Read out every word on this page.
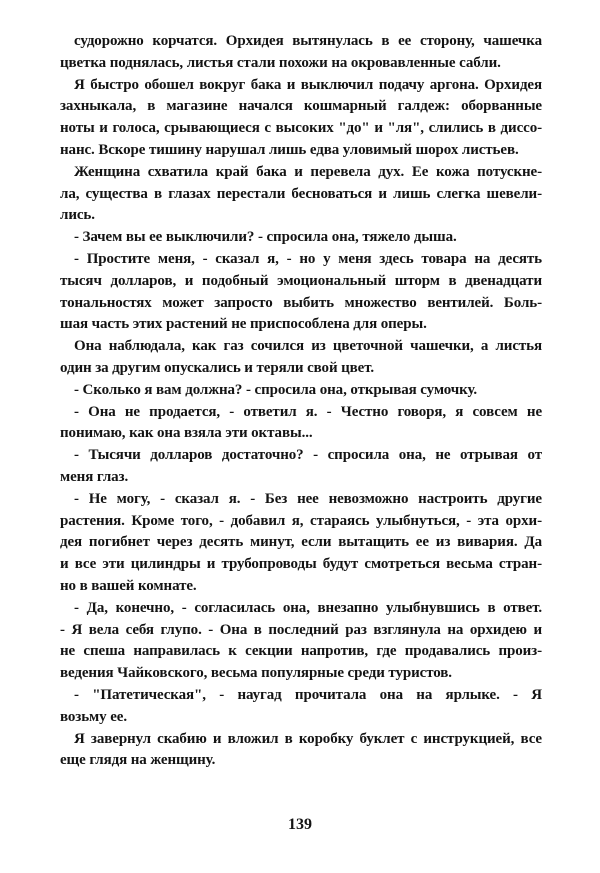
судорожно корчатся. Орхидея вытянулась в ее сторону, чашечка
цветка поднялась, листья стали похожи на окровавленные сабли.
Я быстро обошел вокруг бака и выключил подачу аргона. Орхидея
захныкала, в магазине начался кошмарный галдеж: оборванные
ноты и голоса, срывающиеся с высоких "до" и "ля", слились в диссо-
нанс. Вскоре тишину нарушал лишь едва уловимый шорох листьев.
Женщина схватила край бака и перевела дух. Ее кожа потускне-
ла, существа в глазах перестали бесноваться и лишь слегка шевели-
лись.
- Зачем вы ее выключили? - спросила она, тяжело дыша.
- Простите меня, - сказал я, - но у меня здесь товара на десять
тысяч долларов, и подобный эмоциональный шторм в двенадцати
тональностях может запросто выбить множество вентилей. Боль-
шая часть этих растений не приспособлена для оперы.
Она наблюдала, как газ сочился из цветочной чашечки, а листья
один за другим опускались и теряли свой цвет.
- Сколько я вам должна? - спросила она, открывая сумочку.
- Она не продается, - ответил я. - Честно говоря, я совсем не
понимаю, как она взяла эти октавы...
- Тысячи долларов достаточно? - спросила она, не отрывая от
меня глаз.
- Не могу, - сказал я. - Без нее невозможно настроить другие
растения. Кроме того, - добавил я, стараясь улыбнуться, - эта орхи-
дея погибнет через десять минут, если вытащить ее из вивария. Да
и все эти цилиндры и трубопроводы будут смотреться весьма стран-
но в вашей комнате.
- Да, конечно, - согласилась она, внезапно улыбнувшись в ответ.
- Я вела себя глупо. - Она в последний раз взглянула на орхидею и
не спеша направилась к секции напротив, где продавались произ-
ведения Чайковского, весьма популярные среди туристов.
- "Патетическая", - наугад прочитала она на ярлыке. - Я
возьму ее.
Я завернул скабию и вложил в коробку буклет с инструкцией, все
еще глядя на женщину.
139
